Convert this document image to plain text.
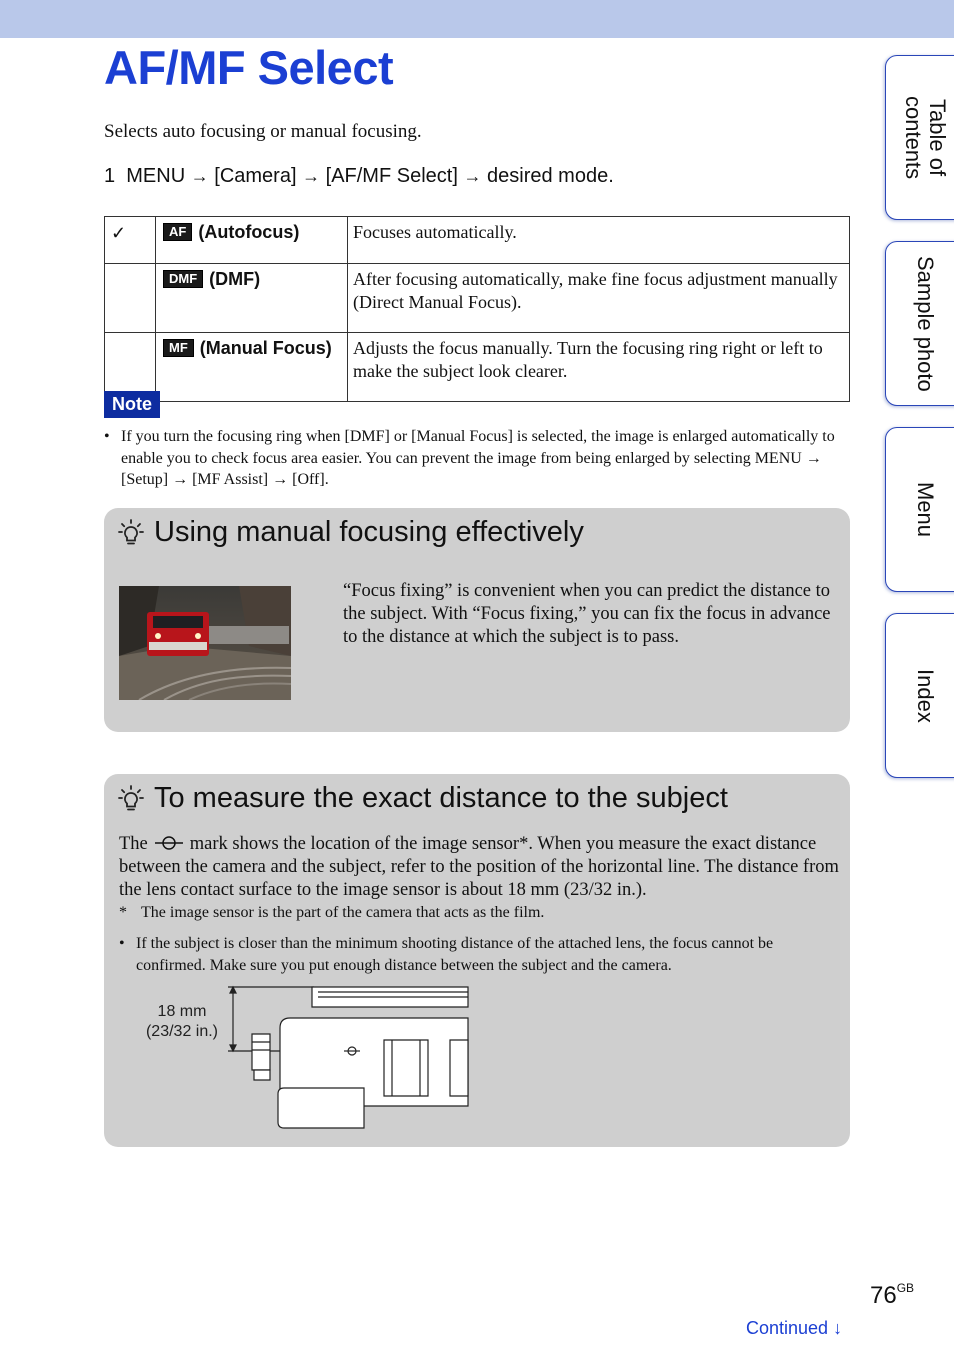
AF/MF Select
Selects auto focusing or manual focusing.
1 MENU → [Camera] → [AF/MF Select] → desired mode.
✓	AF (Autofocus)	Focuses automatically.
	DMF (DMF)	After focusing automatically, make fine focus adjustment manually (Direct Manual Focus).
	MF (Manual Focus)	Adjusts the focus manually. Turn the focusing ring right or left to make the subject look clearer.
Note
• If you turn the focusing ring when [DMF] or [Manual Focus] is selected, the image is enlarged automatically to enable you to check focus area easier. You can prevent the image from being enlarged by selecting MENU → [Setup] → [MF Assist] → [Off].
Using manual focusing effectively
“Focus fixing” is convenient when you can predict the distance to the subject. With “Focus fixing,” you can fix the focus in advance to the distance at which the subject is to pass.
To measure the exact distance to the subject
The mark shows the location of the image sensor*. When you measure the exact distance between the camera and the subject, refer to the position of the horizontal line. The distance from the lens contact surface to the image sensor is about 18 mm (23/32 in.).
* The image sensor is the part of the camera that acts as the film.
• If the subject is closer than the minimum shooting distance of the attached lens, the focus cannot be confirmed. Make sure you put enough distance between the subject and the camera.
18 mm
(23/32 in.)
Table of contents
Sample photo
Menu
Index
$76^{GB}$
Continued ↓
